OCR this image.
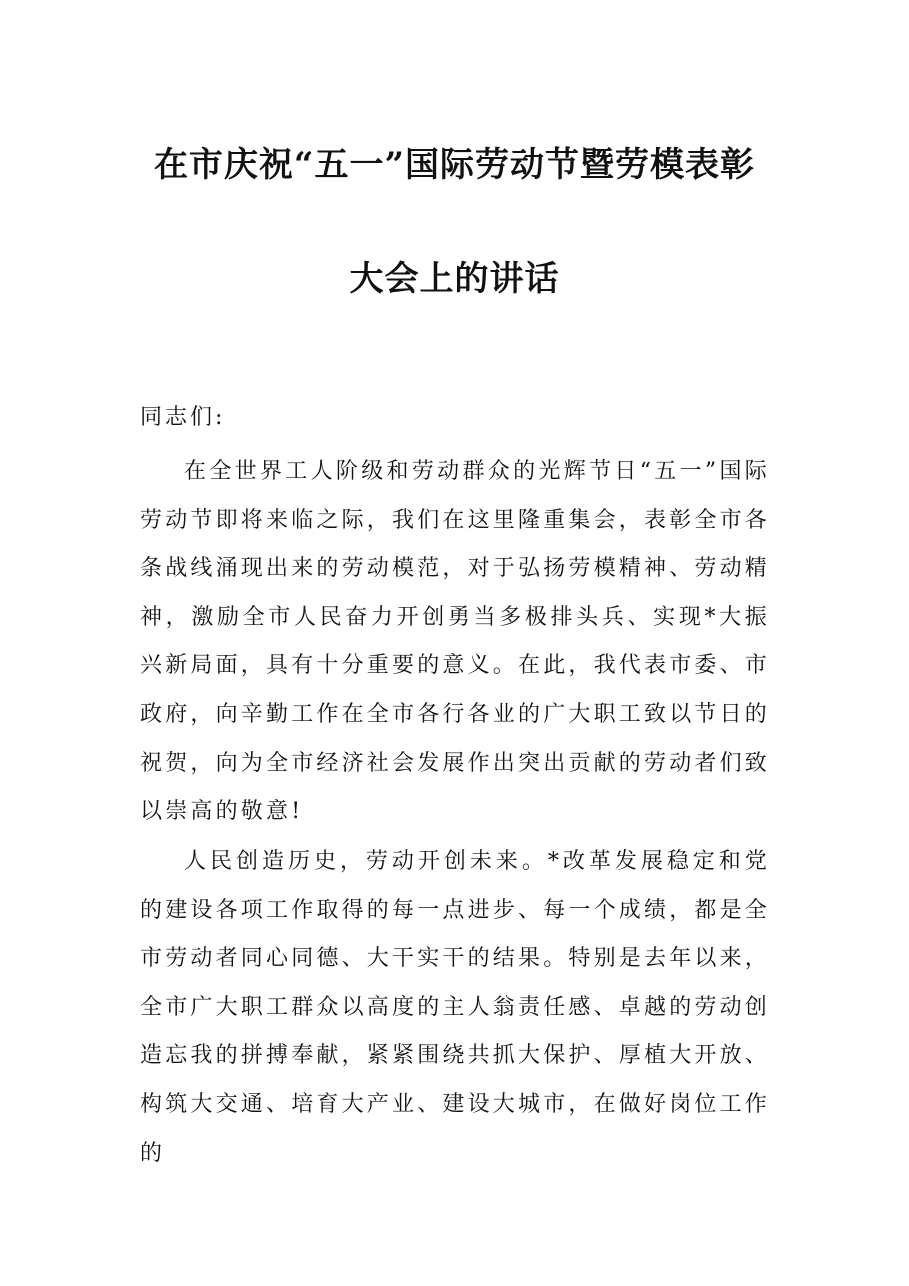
在市庆祝“五一”国际劳动节暨劳模表彰
大会上的讲话
同志们:

在全世界工人阶级和劳动群众的光辉节日“五一”国际劳动节即将来临之际，我们在这里隆重集会，表彰全市各条战线涌现出来的劳动模范，对于弘扬劳模精神、劳动精神，激励全市人民奋力开创勇当多极排头兵、实现*大振兴新局面，具有十分重要的意义。在此，我代表市委、市政府，向辛勤工作在全市各行各业的广大职工致以节日的祝贺，向为全市经济社会发展作出突出贡献的劳动者们致以崇高的敬意!

人民创造历史，劳动开创未来。*改革发展稳定和党的建设各项工作取得的每一点进步、每一个成绩，都是全市劳动者同心同德、大干实干的结果。特别是去年以来，全市广大职工群众以高度的主人翁责任感、卓越的劳动创造忘我的拼搏奉献，紧紧围绕共抓大保护、厚植大开放、构筑大交通、培育大产业、建设大城市，在做好岗位工作的
